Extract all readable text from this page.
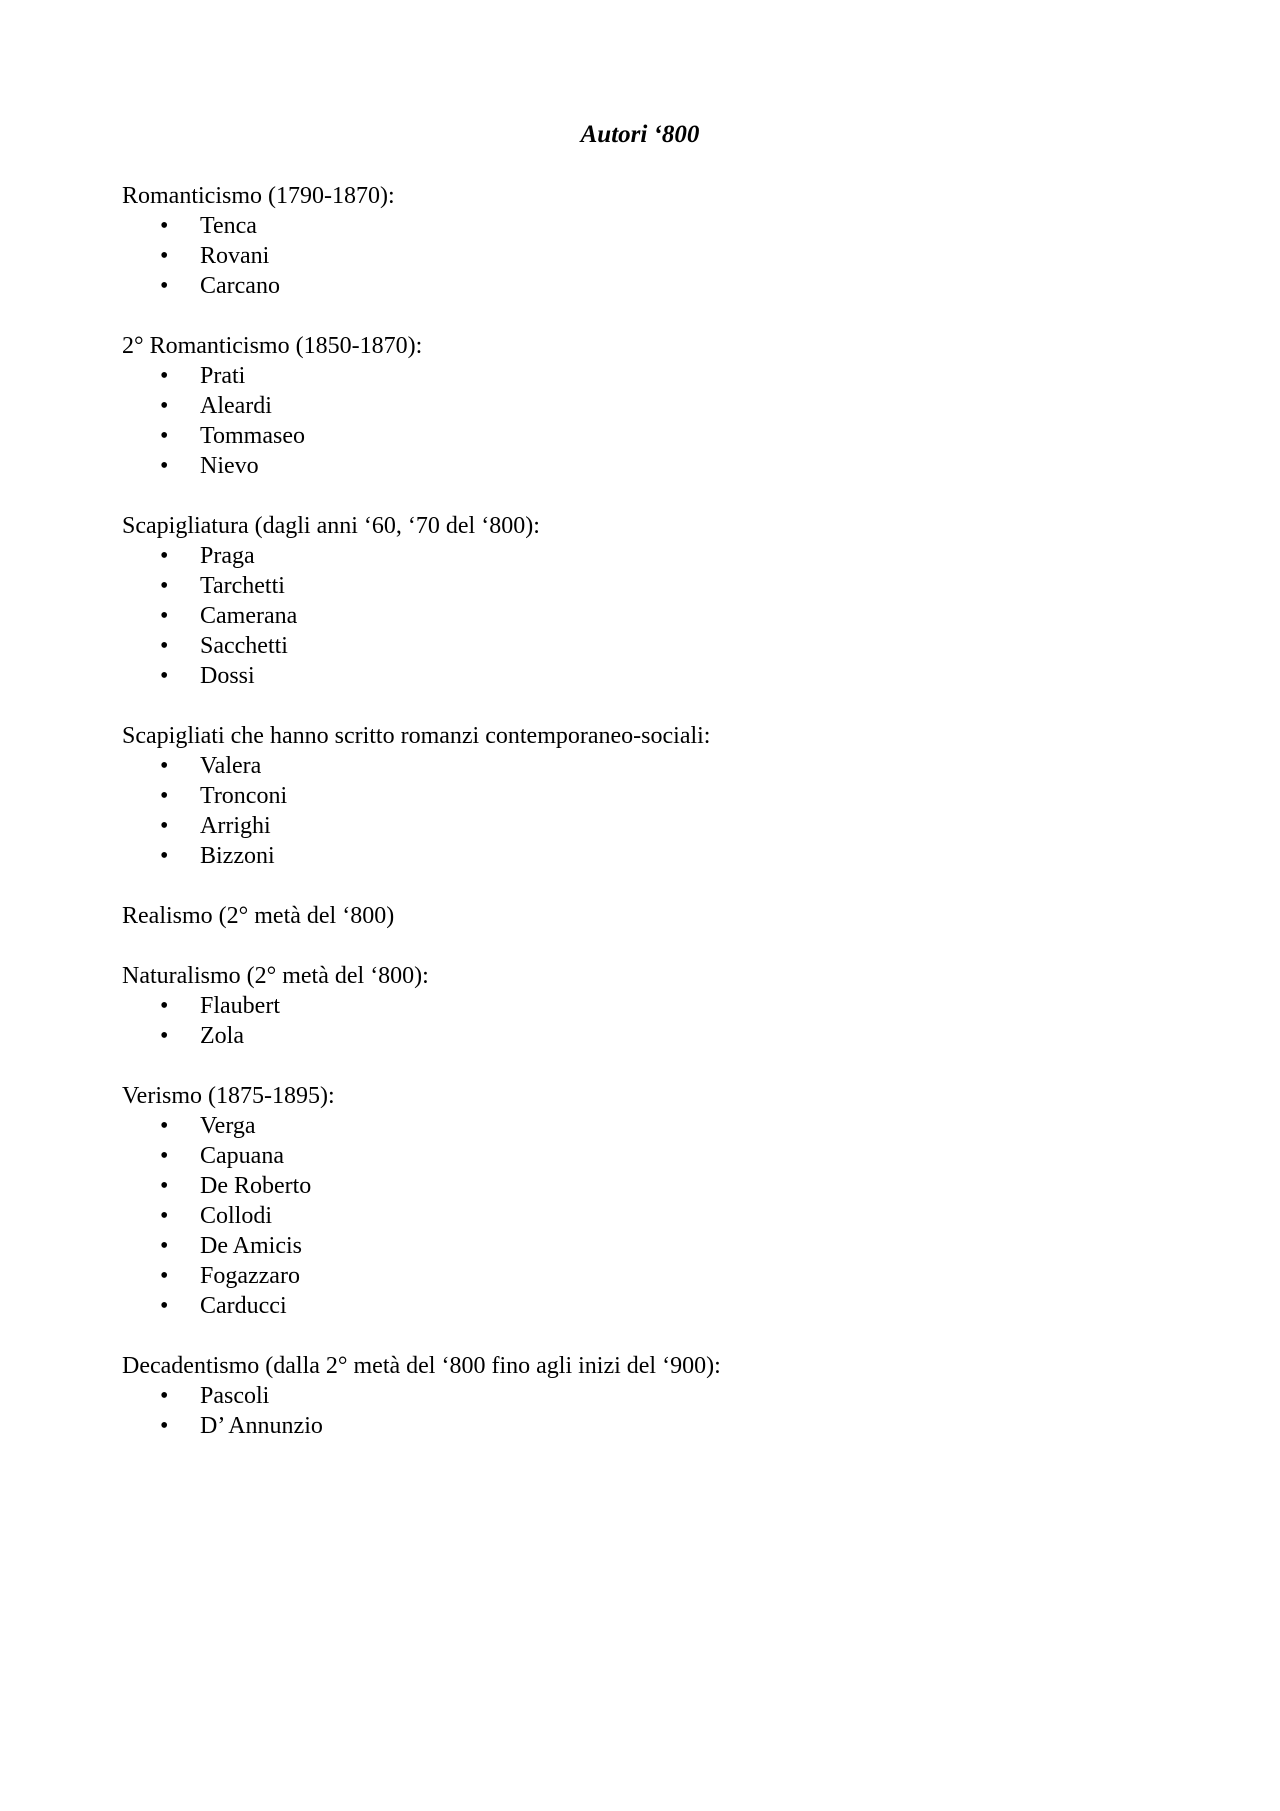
Autori ‘800

Romanticismo (1790-1870):

• Tenca
• Rovani
• Carcano

2° Romanticismo (1850-1870):

• Prati
• Aleardi
• Tommaseo
• Nievo

Scapigliatura (dagli anni ‘60, ‘70 del ‘800):

• Praga
• Tarchetti
• Camerana
• Sacchetti
• Dossi

Scapigliati che hanno scritto romanzi contemporaneo-sociali:

• Valera
• Tronconi
• Arrighi
• Bizzoni

Realismo (2° metà del ‘800)

Naturalismo (2° metà del ‘800):

• Flaubert
• Zola

Verismo (1875-1895):

• Verga
• Capuana
• De Roberto
• Collodi
• De Amicis
• Fogazzaro
• Carducci

Decadentismo (dalla 2° metà del ‘800 fino agli inizi del ‘900):

• Pascoli
• D’ Annunzio
